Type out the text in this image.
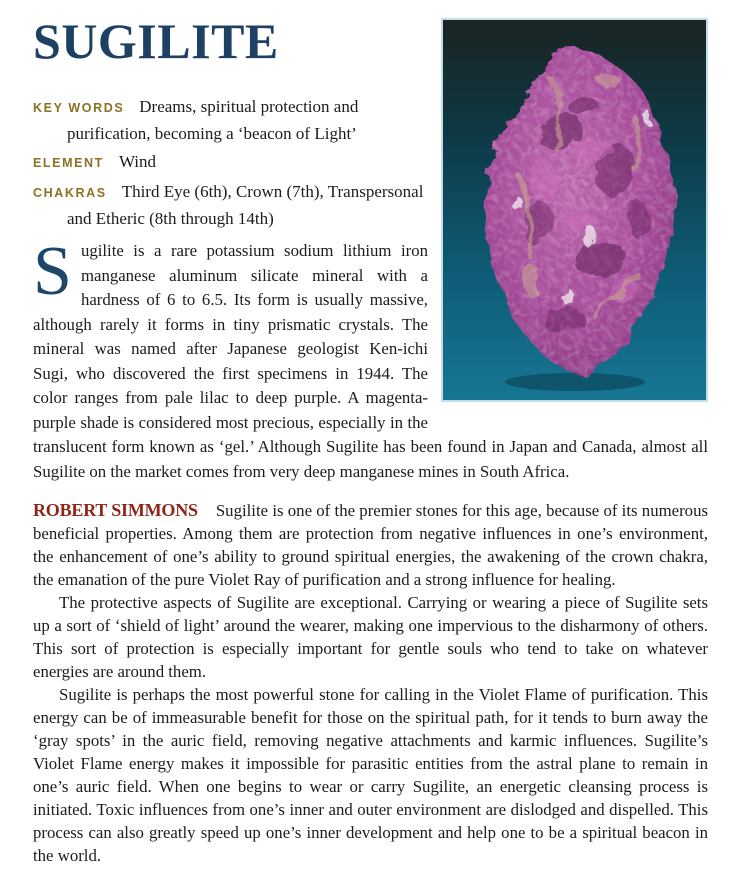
SUGILITE
KEY WORDS Dreams, spiritual protection and purification, becoming a ‘beacon of Light’
ELEMENT Wind
CHAKRAS Third Eye (6th), Crown (7th), Transpersonal and Etheric (8th through 14th)

Sugilite is a rare potassium sodium lithium iron manganese aluminum silicate mineral with a hardness of 6 to 6.5. Its form is usually massive, although rarely it forms in tiny prismatic crystals. The mineral was named after Japanese geologist Ken-ichi Sugi, who discovered the first specimens in 1944. The color ranges from pale lilac to deep purple. A magenta-purple shade is considered most precious, especially in the translucent form known as ‘gel.’ Although Sugilite has been found in Japan and Canada, almost all Sugilite on the market comes from very deep manganese mines in South Africa.

ROBERT SIMMONS Sugilite is one of the premier stones for this age, because of its numerous beneficial properties. Among them are protection from negative influences in one’s environment, the enhancement of one’s ability to ground spiritual energies, the awakening of the crown chakra, the emanation of the pure Violet Ray of purification and a strong influence for healing.

The protective aspects of Sugilite are exceptional. Carrying or wearing a piece of Sugilite sets up a sort of ‘shield of light’ around the wearer, making one impervious to the disharmony of others. This sort of protection is especially important for gentle souls who tend to take on whatever energies are around them.

Sugilite is perhaps the most powerful stone for calling in the Violet Flame of purification. This energy can be of immeasurable benefit for those on the spiritual path, for it tends to burn away the ‘gray spots’ in the auric field, removing negative attachments and karmic influences. Sugilite’s Violet Flame energy makes it impossible for parasitic entities from the astral plane to remain in one’s auric field. When one begins to wear or carry Sugilite, an energetic cleansing process is initiated. Toxic influences from one’s inner and outer environment are dislodged and dispelled. This process can also greatly speed up one’s inner development and help one to be a spiritual beacon in the world.
